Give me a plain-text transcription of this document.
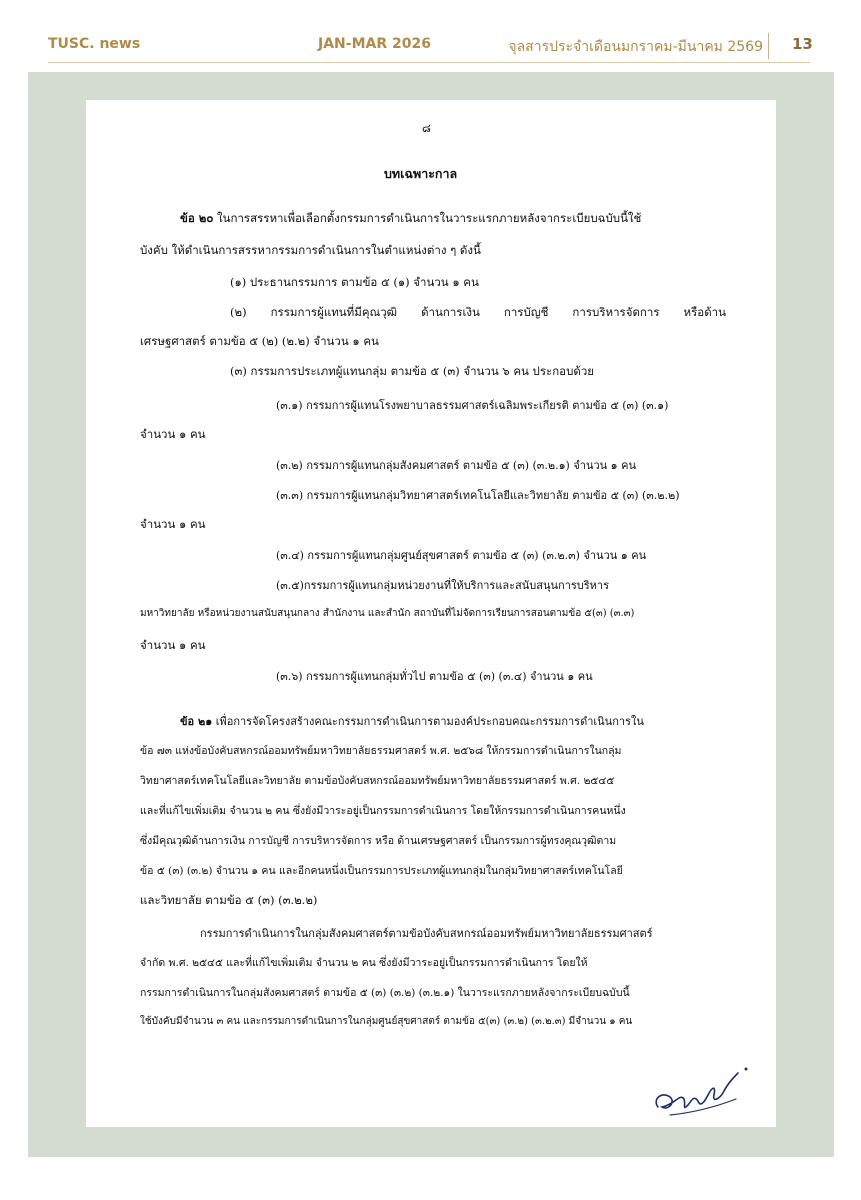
TUSC. news	JAN-MAR 2026	จุลสารประจำเดือนมกราคม-มีนาคม 2569 13
๘
บทเฉพาะกาล
ข้อ ๒๐ ในการสรรหาเพื่อเลือกตั้งกรรมการดำเนินการในวาระแรกภายหลังจากระเบียบฉบับนี้ใช้
บังคับ ให้ดำเนินการสรรหากรรมการดำเนินการในตำแหน่งต่าง ๆ ดังนี้
(๑) ประธานกรรมการ ตามข้อ ๕ (๑) จำนวน ๑ คน
(๒) กรรมการผู้แทนที่มีคุณวุฒิ ด้านการเงิน การบัญชี การบริหารจัดการ หรือด้าน
เศรษฐศาสตร์ ตามข้อ ๕ (๒) (๒.๒) จำนวน ๑ คน
(๓) กรรมการประเภทผู้แทนกลุ่ม ตามข้อ ๕ (๓) จำนวน ๖ คน ประกอบด้วย
(๓.๑) กรรมการผู้แทนโรงพยาบาลธรรมศาสตร์เฉลิมพระเกียรติ ตามข้อ ๕ (๓) (๓.๑)
จำนวน ๑ คน
(๓.๒) กรรมการผู้แทนกลุ่มสังคมศาสตร์ ตามข้อ ๕ (๓) (๓.๒.๑) จำนวน ๑ คน
(๓.๓) กรรมการผู้แทนกลุ่มวิทยาศาสตร์เทคโนโลยีและวิทยาลัย ตามข้อ ๕ (๓) (๓.๒.๒)
จำนวน ๑ คน
(๓.๔) กรรมการผู้แทนกลุ่มศูนย์สุขศาสตร์ ตามข้อ ๕ (๓) (๓.๒.๓) จำนวน ๑ คน
(๓.๕)กรรมการผู้แทนกลุ่มหน่วยงานที่ให้บริการและสนับสนุนการบริหาร
มหาวิทยาลัย หรือหน่วยงานสนับสนุนกลาง สำนักงาน และสำนัก สถาบันที่ไม่จัดการเรียนการสอนตามข้อ ๕(๓) (๓.๓)
จำนวน ๑ คน
(๓.๖) กรรมการผู้แทนกลุ่มทั่วไป ตามข้อ ๕ (๓) (๓.๔) จำนวน ๑ คน
ข้อ ๒๑ เพื่อการจัดโครงสร้างคณะกรรมการดำเนินการตามองค์ประกอบคณะกรรมการดำเนินการใน
ข้อ ๗๓ แห่งข้อบังคับสหกรณ์ออมทรัพย์มหาวิทยาลัยธรรมศาสตร์ พ.ศ. ๒๕๖๘ ให้กรรมการดำเนินการในกลุ่ม
วิทยาศาสตร์เทคโนโลยีและวิทยาลัย ตามข้อบังคับสหกรณ์ออมทรัพย์มหาวิทยาลัยธรรมศาสตร์ พ.ศ. ๒๕๔๕
และที่แก้ไขเพิ่มเติม จำนวน ๒ คน ซึ่งยังมีวาระอยู่เป็นกรรมการดำเนินการ โดยให้กรรมการดำเนินการคนหนึ่ง
ซึ่งมีคุณวุฒิด้านการเงิน การบัญชี การบริหารจัดการ หรือ ด้านเศรษฐศาสตร์ เป็นกรรมการผู้ทรงคุณวุฒิตาม
ข้อ ๕ (๓) (๓.๒) จำนวน ๑ คน และอีกคนหนึ่งเป็นกรรมการประเภทผู้แทนกลุ่มในกลุ่มวิทยาศาสตร์เทคโนโลยี
และวิทยาลัย ตามข้อ ๕ (๓) (๓.๒.๒)
กรรมการดำเนินการในกลุ่มสังคมศาสตร์ตามข้อบังคับสหกรณ์ออมทรัพย์มหาวิทยาลัยธรรมศาสตร์
จำกัด พ.ศ. ๒๕๔๕ และที่แก้ไขเพิ่มเติม จำนวน ๒ คน ซึ่งยังมีวาระอยู่เป็นกรรมการดำเนินการ โดยให้
กรรมการดำเนินการในกลุ่มสังคมศาสตร์ ตามข้อ ๕ (๓) (๓.๒) (๓.๒.๑) ในวาระแรกภายหลังจากระเบียบฉบับนี้
ใช้บังคับมีจำนวน ๓ คน และกรรมการดำเนินการในกลุ่มศูนย์สุขศาสตร์ ตามข้อ ๕(๓) (๓.๒) (๓.๒.๓) มีจำนวน ๑ คน
